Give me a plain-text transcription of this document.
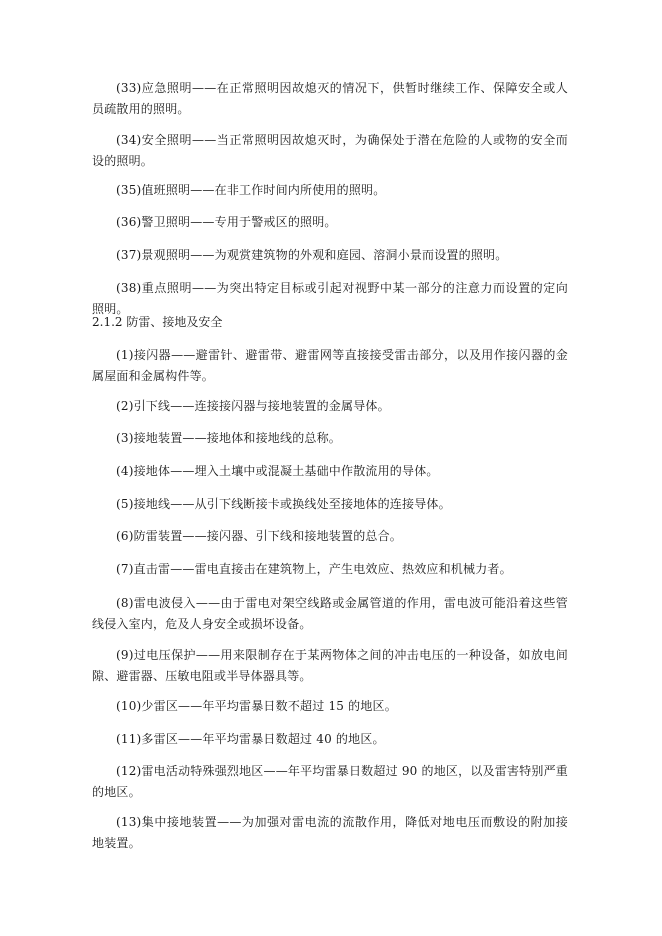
(33)应急照明——在正常照明因故熄灭的情况下，供暂时继续工作、保障安全或人员疏散用的照明。

(34)安全照明——当正常照明因故熄灭时，为确保处于潜在危险的人或物的安全而设的照明。

(35)值班照明——在非工作时间内所使用的照明。

(36)警卫照明——专用于警戒区的照明。

(37)景观照明——为观赏建筑物的外观和庭园、溶洞小景而设置的照明。

(38)重点照明——为突出特定目标或引起对视野中某一部分的注意力而设置的定向照明。

2.1.2 防雷、接地及安全

(1)接闪器——避雷针、避雷带、避雷网等直接接受雷击部分，以及用作接闪器的金属屋面和金属构件等。

(2)引下线——连接接闪器与接地装置的金属导体。

(3)接地装置——接地体和接地线的总称。

(4)接地体——埋入土壤中或混凝土基础中作散流用的导体。

(5)接地线——从引下线断接卡或换线处至接地体的连接导体。

(6)防雷装置——接闪器、引下线和接地装置的总合。

(7)直击雷——雷电直接击在建筑物上，产生电效应、热效应和机械力者。

(8)雷电波侵入——由于雷电对架空线路或金属管道的作用，雷电波可能沿着这些管线侵入室内，危及人身安全或损坏设备。

(9)过电压保护——用来限制存在于某两物体之间的冲击电压的一种设备，如放电间隙、避雷器、压敏电阻或半导体器具等。

(10)少雷区——年平均雷暴日数不超过 15 的地区。

(11)多雷区——年平均雷暴日数超过 40 的地区。

(12)雷电活动特殊强烈地区——年平均雷暴日数超过 90 的地区，以及雷害特别严重的地区。

(13)集中接地装置——为加强对雷电流的流散作用，降低对地电压而敷设的附加接地装置。
